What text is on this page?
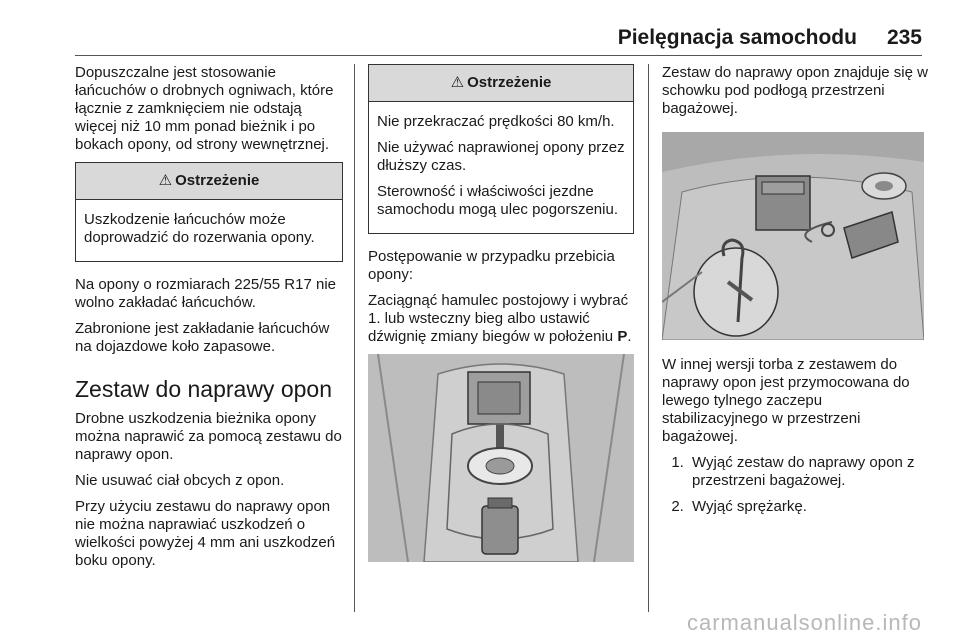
Pielęgnacja samochodu 235

Dopuszczalne jest stosowanie łańcuchów o drobnych ogniwach, które łącznie z zamknięciem nie odstają więcej niż 10 mm ponad bieżnik i po bokach opony, od strony wewnętrznej.

⚠ Ostrzeżenie

Uszkodzenie łańcuchów może doprowadzić do rozerwania opony.

Na opony o rozmiarach 225/55 R17 nie wolno zakładać łańcuchów.

Zabronione jest zakładanie łańcuchów na dojazdowe koło zapasowe.

Zestaw do naprawy opon

Drobne uszkodzenia bieżnika opony można naprawić za pomocą zestawu do naprawy opon.

Nie usuwać ciał obcych z opon.

Przy użyciu zestawu do naprawy opon nie można naprawiać uszkodzeń o wielkości powyżej 4 mm ani uszkodzeń boku opony.

⚠ Ostrzeżenie

Nie przekraczać prędkości 80 km/h.

Nie używać naprawionej opony przez dłuższy czas.

Sterowność i właściwości jezdne samochodu mogą ulec pogorszeniu.

Postępowanie w przypadku przebicia opony:

Zaciągnąć hamulec postojowy i wybrać 1. lub wsteczny bieg albo ustawić dźwignię zmiany biegów w położeniu P.

Zestaw do naprawy opon znajduje się w schowku pod podłogą przestrzeni bagażowej.

W innej wersji torba z zestawem do naprawy opon jest przymocowana do lewego tylnego zaczepu stabilizacyjnego w przestrzeni bagażowej.

1. Wyjąć zestaw do naprawy opon z przestrzeni bagażowej.
2. Wyjąć sprężarkę.
carmanualsonline.info
